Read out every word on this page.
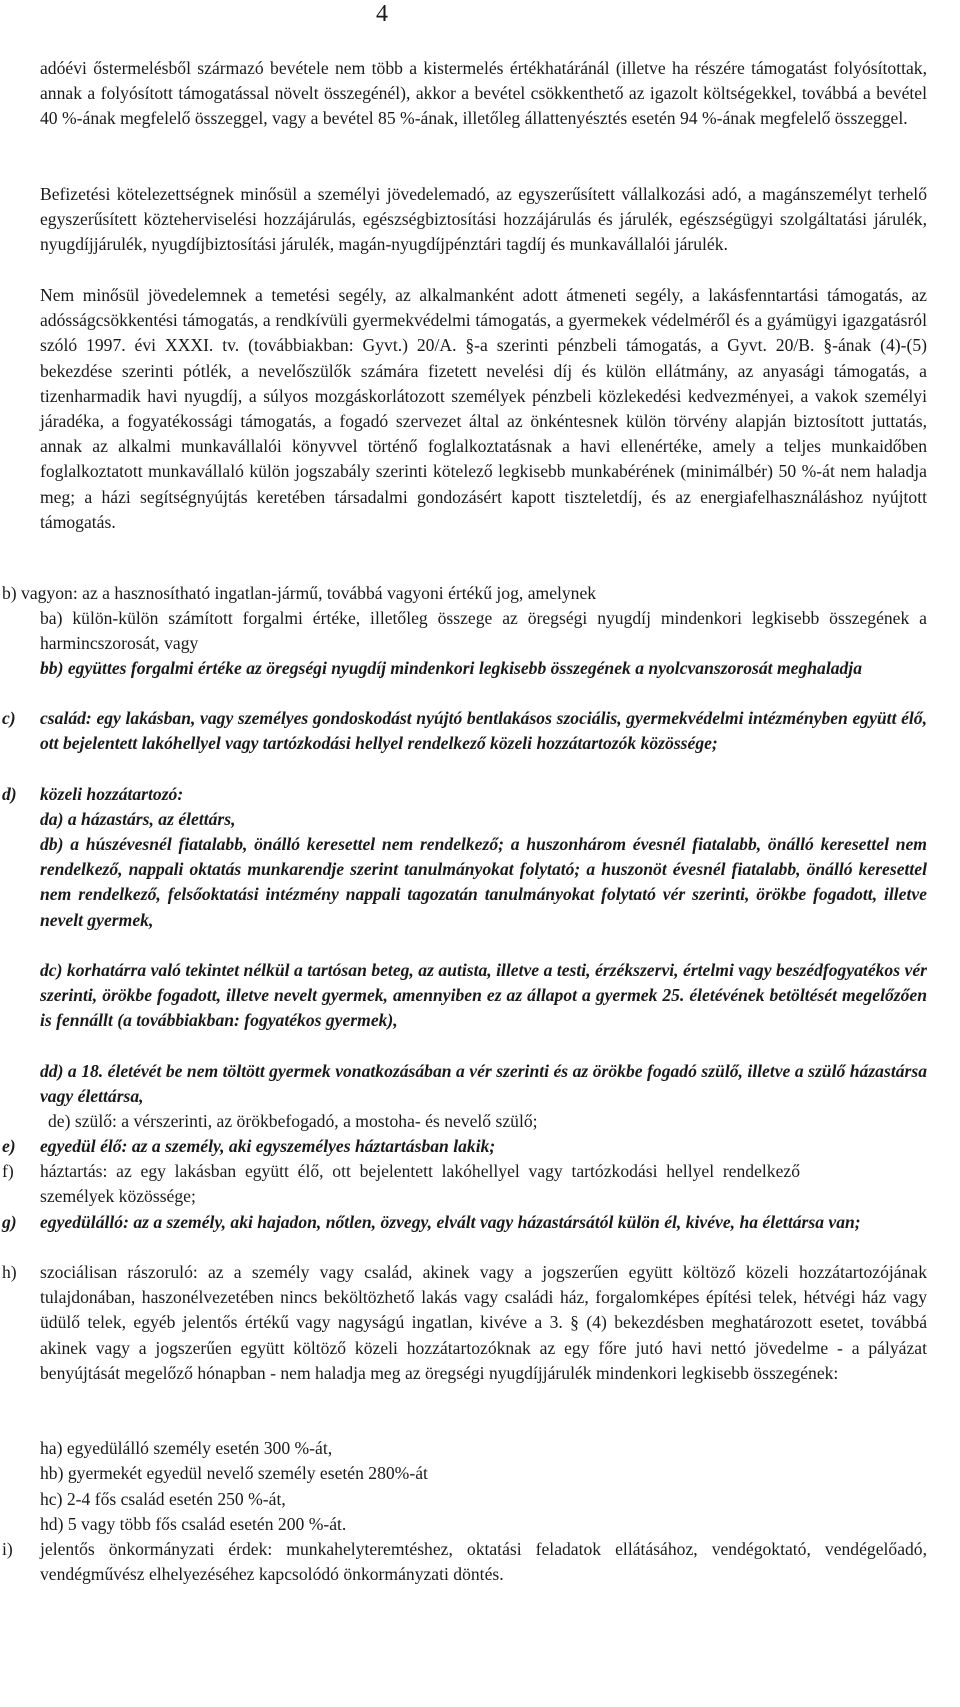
4

adóévi őstermelésből származó bevétele nem több a kistermelés értékhatáránál (illetve ha részére támogatást folyósítottak, annak a folyósított támogatással növelt összegénél), akkor a bevétel csökkenthető az igazolt költségekkel, továbbá a bevétel 40 %-ának megfelelő összeggel, vagy a bevétel 85 %-ának, illetőleg állattenyésztés esetén 94 %-ának megfelelő összeggel.

Befizetési kötelezettségnek minősül a személyi jövedelemadó, az egyszerűsített vállalkozási adó, a magánszemélyt terhelő egyszerűsített közteherviselési hozzájárulás, egészségbiztosítási hozzájárulás és járulék, egészségügyi szolgáltatási járulék, nyugdíjjárulék, nyugdíjbiztosítási járulék, magán-nyugdíjpénztári tagdíj és munkavállalói járulék.

Nem minősül jövedelemnek a temetési segély, az alkalmanként adott átmeneti segély, a lakásfenntartási támogatás, az adósságcsökkentési támogatás, a rendkívüli gyermekvédelmi támogatás, a gyermekek védelméről és a gyámügyi igazgatásról szóló 1997. évi XXXI. tv. (továbbiakban: Gyvt.) 20/A. §-a szerinti pénzbeli támogatás, a Gyvt. 20/B. §-ának (4)-(5) bekezdése szerinti pótlék, a nevelőszülők számára fizetett nevelési díj és külön ellátmány, az anyasági támogatás, a tizenharmadik havi nyugdíj, a súlyos mozgáskorlátozott személyek pénzbeli közlekedési kedvezményei, a vakok személyi járadéka, a fogyatékossági támogatás, a fogadó szervezet által az önkéntesnek külön törvény alapján biztosított juttatás, annak az alkalmi munkavállalói könyvvel történő foglalkoztatásnak a havi ellenértéke, amely a teljes munkaidőben foglalkoztatott munkavállaló külön jogszabály szerinti kötelező legkisebb munkabérének (minimálbér) 50 %-át nem haladja meg; a házi segítségnyújtás keretében társadalmi gondozásért kapott tiszteletdíj, és az energiafelhasználáshoz nyújtott támogatás.

b) vagyon: az a hasznosítható ingatlan-jármű, továbbá vagyoni értékű jog, amelynek

ba) külön-külön számított forgalmi értéke, illetőleg összege az öregségi nyugdíj mindenkori legkisebb összegének a harmincszorosát, vagy

bb) együttes forgalmi értéke az öregségi nyugdíj mindenkori legkisebb összegének a nyolcvanszorosát meghaladja

c) család: egy lakásban, vagy személyes gondoskodást nyújtó bentlakásos szociális, gyermekvédelmi intézményben együtt élő, ott bejelentett lakóhellyel vagy tartózkodási hellyel rendelkező közeli hozzátartozók közössége;

d) közeli hozzátartozó:

da) a házastárs, az élettárs,

db) a húszévesnél fiatalabb, önálló keresettel nem rendelkező; a huszonhárom évesnél fiatalabb, önálló keresettel nem rendelkező, nappali oktatás munkarendje szerint tanulmányokat folytató; a huszonöt évesnél fiatalabb, önálló keresettel nem rendelkező, felsőoktatási intézmény nappali tagozatán tanulmányokat folytató vér szerinti, örökbe fogadott, illetve nevelt gyermek,

dc) korhatárra való tekintet nélkül a tartósan beteg, az autista, illetve a testi, érzékszervi, értelmi vagy beszédfogyatékos vér szerinti, örökbe fogadott, illetve nevelt gyermek, amennyiben ez az állapot a gyermek 25. életévének betöltését megelőzően is fennállt (a továbbiakban: fogyatékos gyermek),

dd) a 18. életévét be nem töltött gyermek vonatkozásában a vér szerinti és az örökbe fogadó szülő, illetve a szülő házastársa vagy élettársa,

de) szülő: a vérszerinti, az örökbefogadó, a mostoha- és nevelő szülő;

e) egyedül élő: az a személy, aki egyszemélyes háztartásban lakik;

f) háztartás: az egy lakásban együtt élő, ott bejelentett lakóhellyel vagy tartózkodási hellyel rendelkező személyek közössége;

g) egyedülálló: az a személy, aki hajadon, nőtlen, özvegy, elvált vagy házastársától külön él, kivéve, ha élettársa van;

h) szociálisan rászoruló: az a személy vagy család, akinek vagy a jogszerűen együtt költöző közeli hozzátartozójának tulajdonában, haszonélvezetében nincs beköltözhető lakás vagy családi ház, forgalomképes építési telek, hétvégi ház vagy üdülő telek, egyéb jelentős értékű vagy nagyságú ingatlan, kivéve a 3. § (4) bekezdésben meghatározott esetet, továbbá akinek vagy a jogszerűen együtt költöző közeli hozzátartozóknak az egy főre jutó havi nettó jövedelme - a pályázat benyújtását megelőző hónapban - nem haladja meg az öregségi nyugdíjjárulék mindenkori legkisebb összegének:

ha) egyedülálló személy esetén 300 %-át,

hb) gyermekét egyedül nevelő személy esetén 280%-át

hc) 2-4 fős család esetén 250 %-át,

hd) 5 vagy több fős család esetén 200 %-át.

i) jelentős önkormányzati érdek: munkahelyteremtéshez, oktatási feladatok ellátásához, vendégoktató, vendégelőadó, vendégművész elhelyezéséhez kapcsolódó önkormányzati döntés.
